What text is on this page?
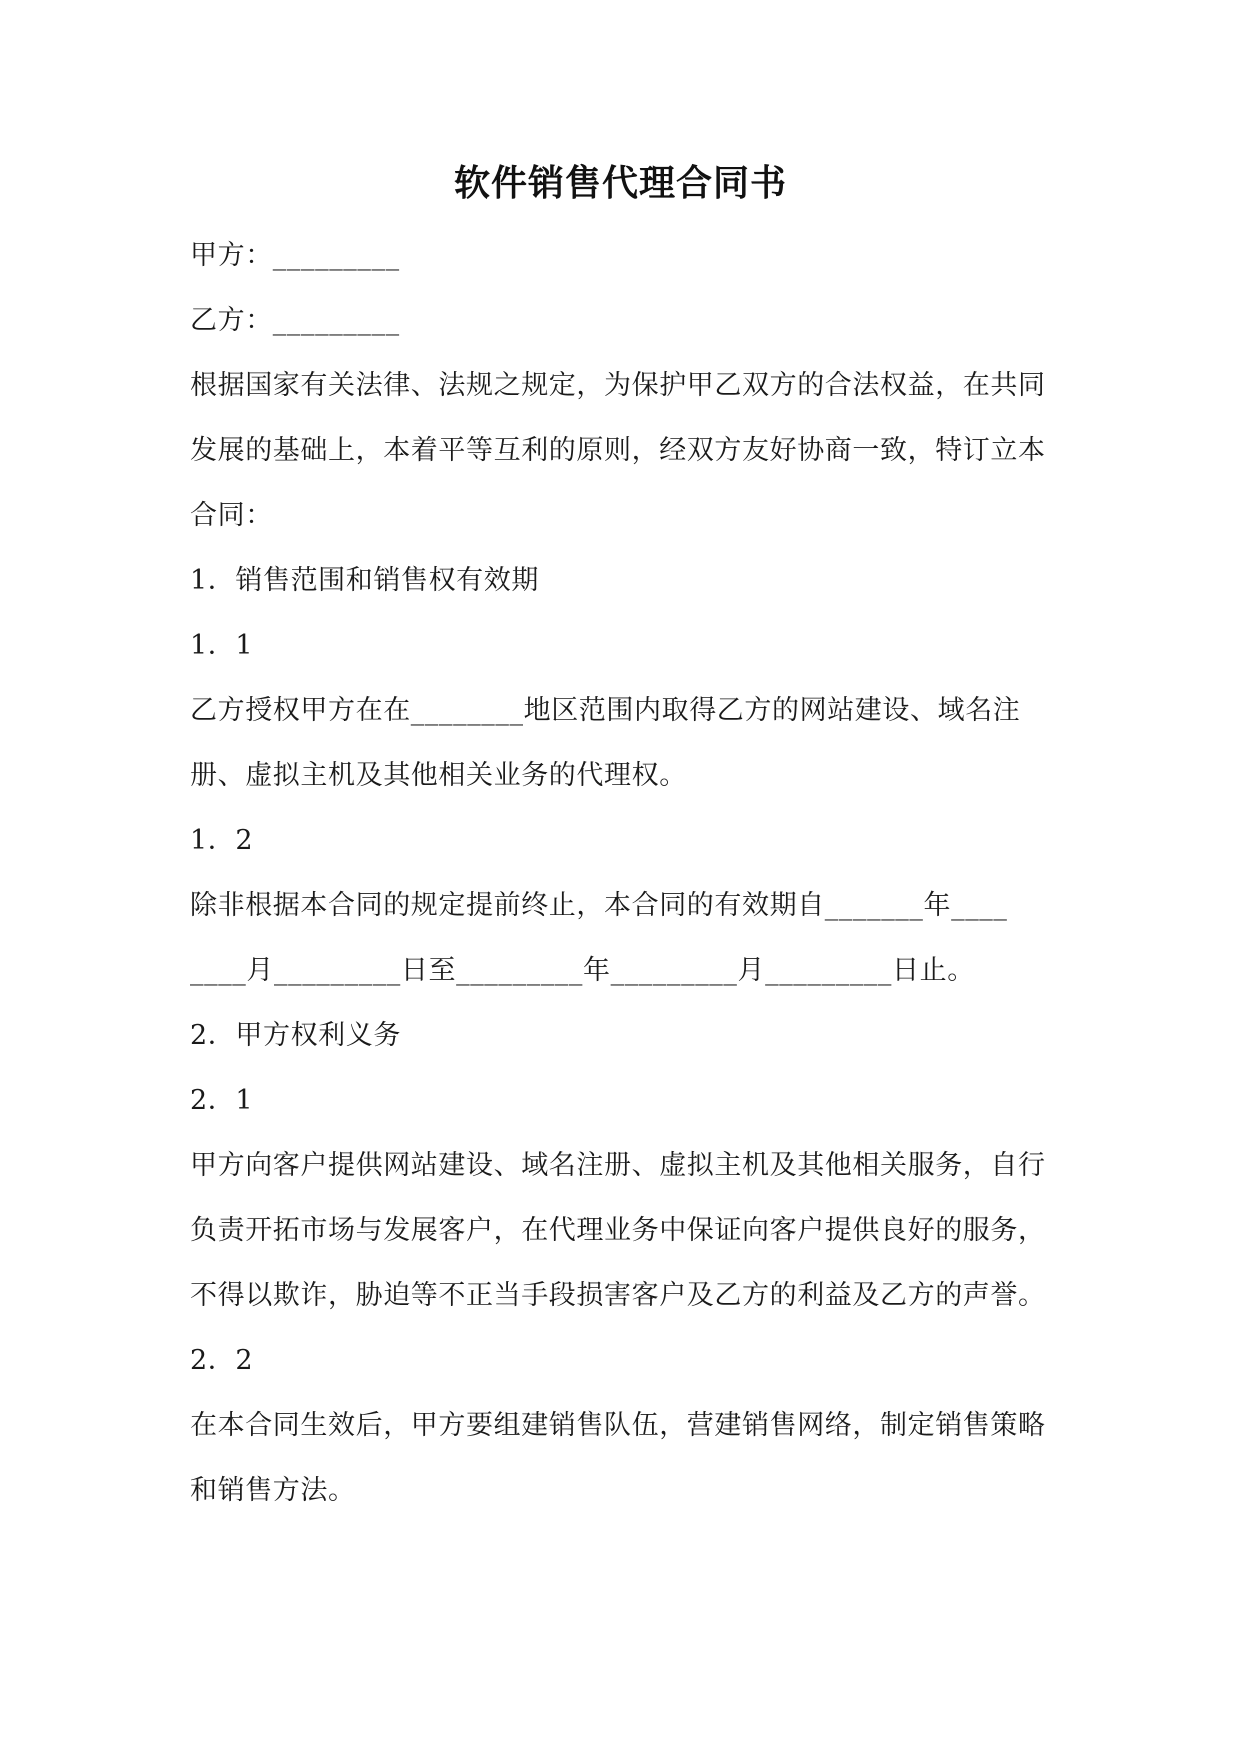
软件销售代理合同书
甲方：_________
乙方：_________
根据国家有关法律、法规之规定，为保护甲乙双方的合法权益，在共同发展的基础上，本着平等互利的原则，经双方友好协商一致，特订立本合同：
1．销售范围和销售权有效期
1．1
乙方授权甲方在在________地区范围内取得乙方的网站建设、域名注册、虚拟主机及其他相关业务的代理权。
1．2
除非根据本合同的规定提前终止，本合同的有效期自_______年____
____月_________日至_________年_________月_________日止。
2．甲方权利义务
2．1
甲方向客户提供网站建设、域名注册、虚拟主机及其他相关服务，自行负责开拓市场与发展客户，在代理业务中保证向客户提供良好的服务，不得以欺诈，胁迫等不正当手段损害客户及乙方的利益及乙方的声誉。
2．2
在本合同生效后，甲方要组建销售队伍，营建销售网络，制定销售策略和销售方法。
